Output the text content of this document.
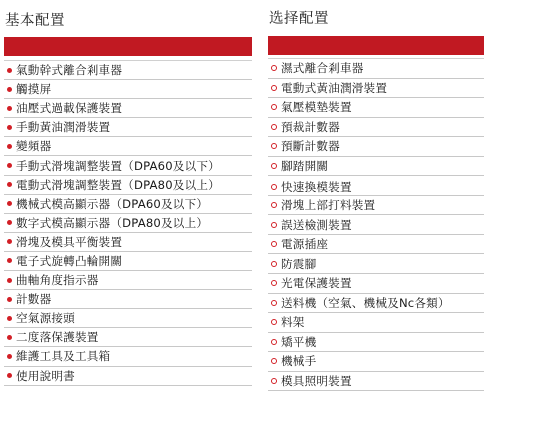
基本配置
氣動幹式離合剎車器
觸摸屏
油壓式過載保護裝置
手動黃油潤滑裝置
變頻器
手動式滑塊調整裝置（DPA60及以下）
電動式滑塊調整裝置（DPA80及以上）
機械式模高顯示器（DPA60及以下）
數字式模高顯示器（DPA80及以上）
滑塊及模具平衡裝置
電子式旋轉凸輪開關
曲軸角度指示器
計數器
空氣源接頭
二度落保護裝置
維護工具及工具箱
使用說明書
选择配置
濕式離合剎車器
電動式黃油潤滑裝置
氣壓模墊裝置
預裁計數器
預斷計數器
腳踏開關
快速換模裝置

滑塊上部打料裝置
誤送檢測裝置
電源插座
防震腳
光電保護裝置
送料機（空氣、機械及Nc各類）
料架
矯平機
機械手
模具照明裝置
